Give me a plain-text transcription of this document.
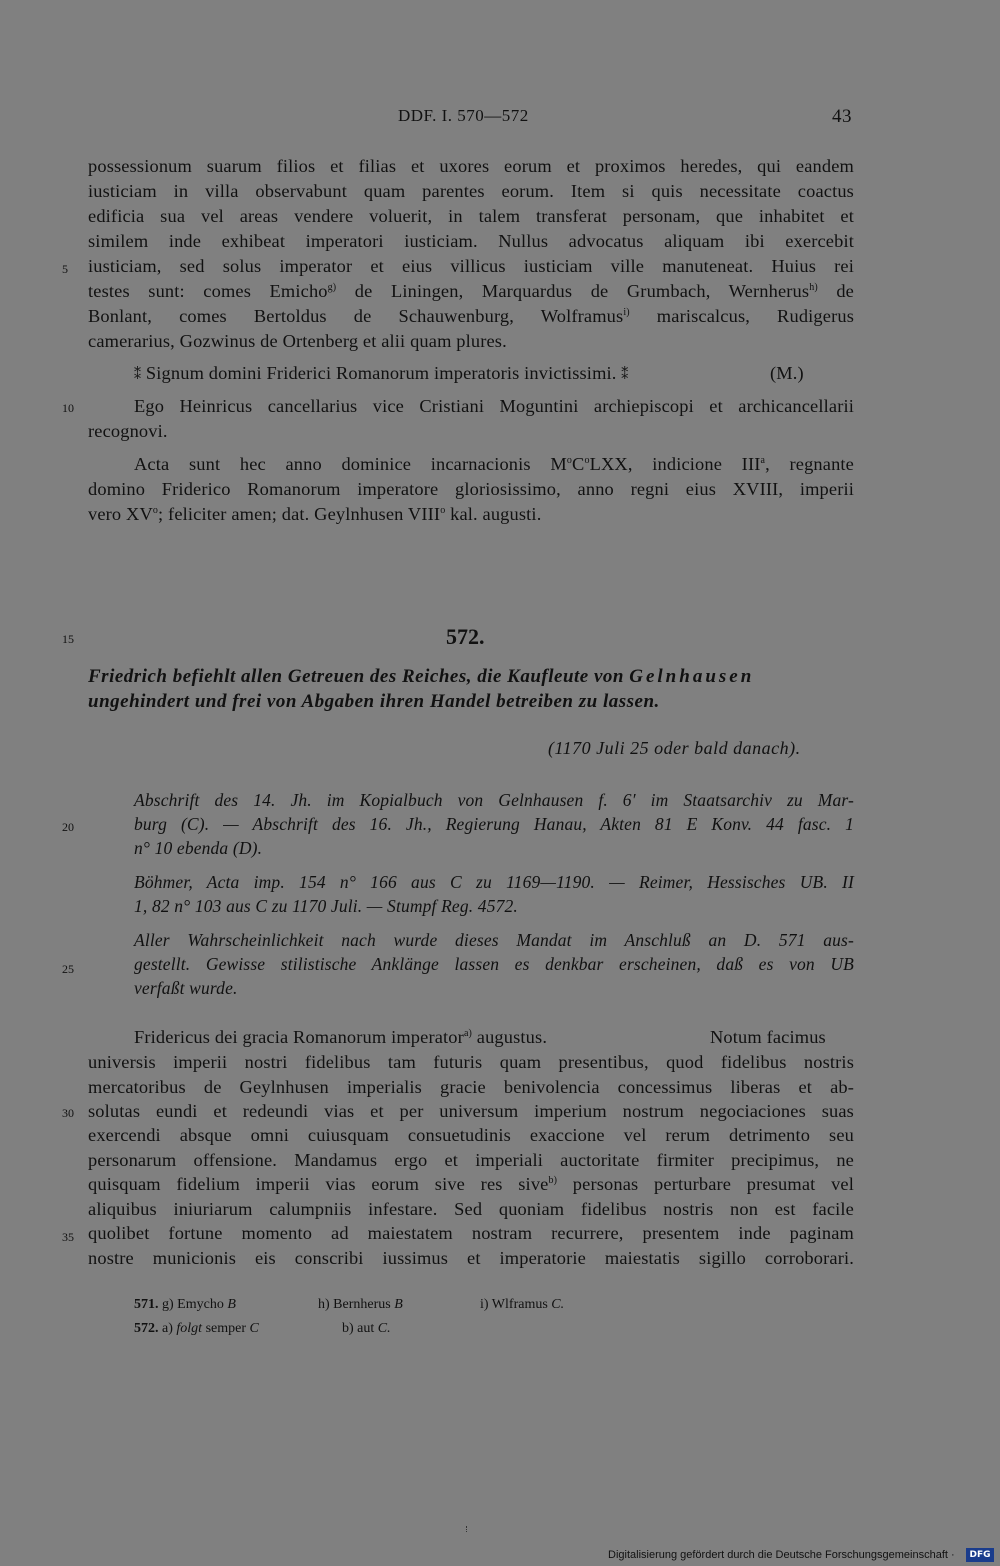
DDF. I. 570—572	43
5
10
15
20
25
30
35
possessionum suarum filios et filias et uxores eorum et proximos heredes, qui eandem
iusticiam in villa observabunt quam parentes eorum. Item si quis necessitate coactus
edificia sua vel areas vendere voluerit, in talem transferat personam, que inhabitet et
similem inde exhibeat imperatori iusticiam. Nullus advocatus aliquam ibi exercebit
iusticiam, sed solus imperator et eius villicus iusticiam ville manuteneat. Huius rei
testes sunt: comes Emicho$^{g)}$ de Liningen, Marquardus de Grumbach, Wernherus$^{h)}$ de
Bonlant, comes Bertoldus de Schauwenburg, Wolframus$^{i)}$ mariscalcus, Rudigerus
camerarius, Gozwinus de Ortenberg et alii quam plures.
⁑ Signum domini Friderici Romanorum imperatoris invictissimi. ⁑	(M.)
Ego Heinricus cancellarius vice Cristiani Moguntini archiepiscopi et archicancellarii
recognovi.
Acta sunt hec anno dominice incarnacionis $M^oC^oLXX$, indicione III$^a$, regnante
domino Friderico Romanorum imperatore gloriosissimo, anno regni eius XVIII, imperii
vero $XV^o$; feliciter amen; dat. Geylnhusen VIII$^o$ kal. augusti.
572.
Friedrich befiehlt allen Getreuen des Reiches, die Kaufleute von Gelnhausen
ungehindert und frei von Abgaben ihren Handel betreiben zu lassen.
(1170 Juli 25 oder bald danach).
Abschrift des 14. Jh. im Kopialbuch von Gelnhausen f. 6′ im Staatsarchiv zu Mar-
burg (C). — Abschrift des 16. Jh., Regierung Hanau, Akten 81 E Konv. 44 fasc. 1
n° 10 ebenda (D).
Böhmer, Acta imp. 154 n° 166 aus C zu 1169—1190. — Reimer, Hessisches UB. II
1, 82 n° 103 aus C zu 1170 Juli. — Stumpf Reg. 4572.
Aller Wahrscheinlichkeit nach wurde dieses Mandat im Anschluß an D. 571 aus-
gestellt. Gewisse stilistische Anklänge lassen es denkbar erscheinen, daß es von UB
verfaßt wurde.
Fridericus dei gracia Romanorum imperator$^{a)}$ augustus.	Notum facimus
universis imperii nostri fidelibus tam futuris quam presentibus, quod fidelibus nostris
mercatoribus de Geylnhusen imperialis gracie benivolencia concessimus liberas et ab-
solutas eundi et redeundi vias et per universum imperium nostrum negociaciones suas
exercendi absque omni cuiusquam consuetudinis exaccione vel rerum detrimento seu
personarum offensione. Mandamus ergo et imperiali auctoritate firmiter precipimus, ne
quisquam fidelium imperii vias eorum sive res sive$^{b)}$ personas perturbare presumat vel
aliquibus iniuriarum calumpniis infestare. Sed quoniam fidelibus nostris non est facile
quolibet fortune momento ad maiestatem nostram recurrere, presentem inde paginam
nostre municionis eis conscribi iussimus et imperatorie maiestatis sigillo corroborari.
571. g) Emycho B	h) Bernherus B	i) Wlframus C.
572. a) folgt semper C	b) aut C.
Digitalisierung gefördert durch die Deutsche Forschungsgemeinschaft ·	DFG
